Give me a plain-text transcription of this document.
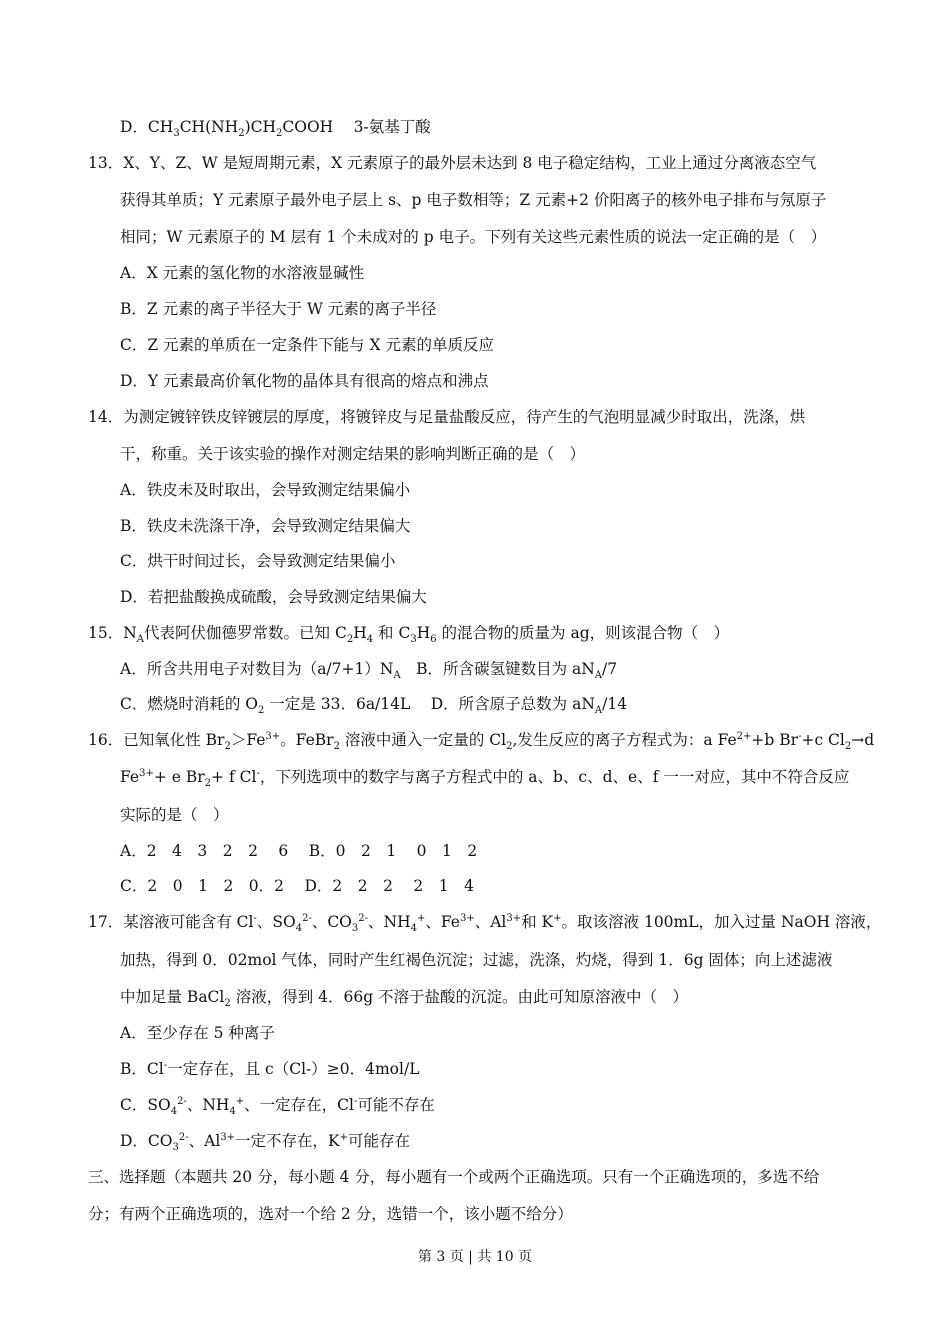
D．$CH_3CH(NH_2)CH_2COOH$　 3-氨基丁酸
13．X、Y、Z、W 是短周期元素，X 元素原子的最外层未达到 8 电子稳定结构，工业上通过分离液态空气
获得其单质；Y 元素原子最外电子层上 s、p 电子数相等；Z 元素+2 价阳离子的核外电子排布与氖原子
相同；W 元素原子的 M 层有 1 个未成对的 p 电子。下列有关这些元素性质的说法一定正确的是（　）
A．X 元素的氢化物的水溶液显碱性
B．Z 元素的离子半径大于 W 元素的离子半径
C．Z 元素的单质在一定条件下能与 X 元素的单质反应
D．Y 元素最高价氧化物的晶体具有很高的熔点和沸点
14．为测定镀锌铁皮锌镀层的厚度，将镀锌皮与足量盐酸反应，待产生的气泡明显减少时取出，洗涤，烘
干，称重。关于该实验的操作对测定结果的影响判断正确的是（　）
A．铁皮未及时取出，会导致测定结果偏小
B．铁皮未洗涤干净，会导致测定结果偏大
C．烘干时间过长，会导致测定结果偏小
D．若把盐酸换成硫酸，会导致测定结果偏大
15．$N_A$代表阿伏伽德罗常数。已知 $C_2H_4$ 和 $C_3H_6$ 的混合物的质量为 ag，则该混合物（　）
A．所含共用电子对数目为$(a/7+1)N_A$　B．所含碳氢键数目为 $aN_A/7$
C．燃烧时消耗的 $O_2$ 一定是 33．6a/14L　 D．所含原子总数为 $aN_A/14$
16．已知氧化性 $Br_2>Fe^{3+}$。FeBr$_2$ 溶液中通入一定量的 $Cl_2$,发生反应的离子方程式为：a $Fe^{2+}+b$ Br-+c $Cl_2\to d$
$Fe^{3+}+ e$ $Br_2+ f$ Cl-，下列选项中的数字与离子方程式中的 a、b、c、d、e、f 一一对应，其中不符合反应
实际的是（　）
A．2　4　3　2　2　 6　 B．0　2　1　 0　1　2
C．2　0　1　2　0．2　 D．2　2　2　 2　1　4
17．某溶液可能含有 Cl-、$SO_4^{2-}$、$CO_3^{2-}$、$NH_4^+$、$Fe^{3+}$、$Al^{3+}$和 K+。取该溶液 100mL，加入过量 NaOH 溶液，
加热，得到 0．02mol 气体，同时产生红褐色沉淀；过滤，洗涤，灼烧，得到 1．6g 固体；向上述滤液
中加足量 BaCl$_2$ 溶液，得到 4．66g 不溶于盐酸的沉淀。由此可知原溶液中（　）
A．至少存在 5 种离子
B．Cl-一定存在，且 c（Cl-）≥0．4mol/L
C．$SO_4^{2-}$、$NH_4^+$、一定存在，Cl-可能不存在
D．$CO_3^{2-}$、$Al^{3+}$一定不存在，K+可能存在
三、选择题（本题共 20 分，每小题 4 分，每小题有一个或两个正确选项。只有一个正确选项的，多选不给
分；有两个正确选项的，选对一个给 2 分，选错一个，该小题不给分）
第 3 页 | 共 10 页
